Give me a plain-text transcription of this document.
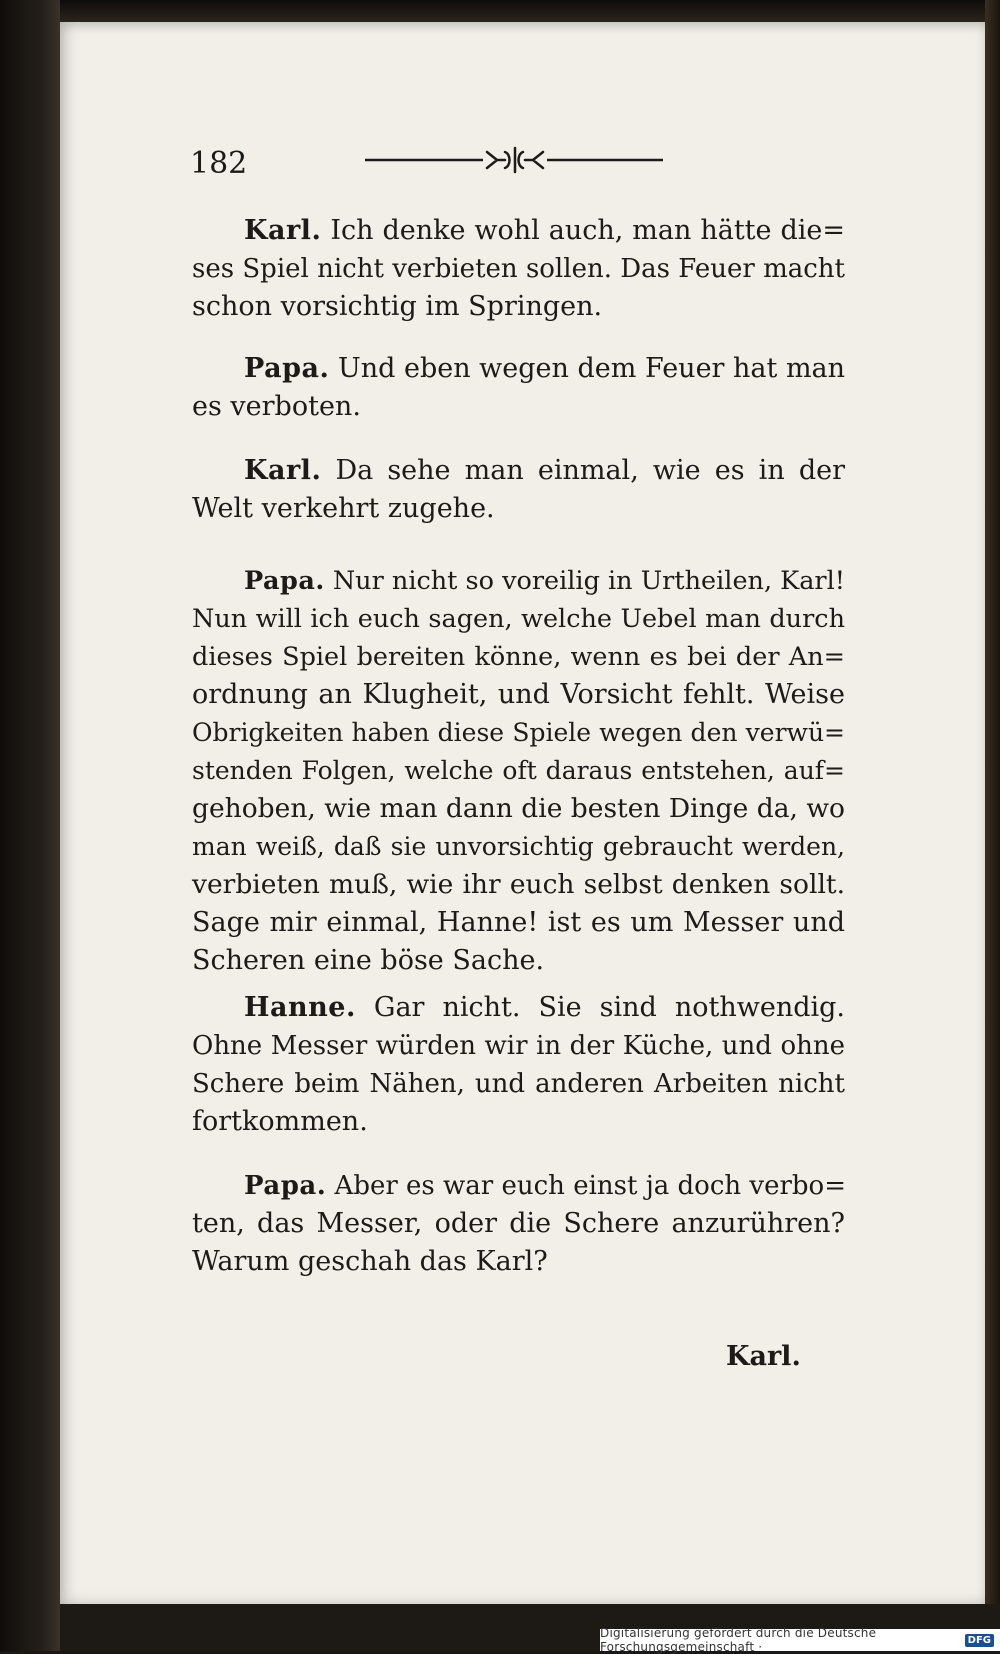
182
Karl. Ich denke wohl auch, man hätte die=
ses Spiel nicht verbieten sollen. Das Feuer macht
schon vorsichtig im Springen.
Papa. Und eben wegen dem Feuer hat man
es verboten.
Karl. Da sehe man einmal, wie es in der
Welt verkehrt zugehe.
Papa. Nur nicht so voreilig in Urtheilen, Karl!
Nun will ich euch sagen, welche Uebel man durch
dieses Spiel bereiten könne, wenn es bei der An=
ordnung an Klugheit, und Vorsicht fehlt. Weise
Obrigkeiten haben diese Spiele wegen den verwü=
stenden Folgen, welche oft daraus entstehen, auf=
gehoben, wie man dann die besten Dinge da, wo
man weiß, daß sie unvorsichtig gebraucht werden,
verbieten muß, wie ihr euch selbst denken sollt.
Sage mir einmal, Hanne! ist es um Messer und
Scheren eine böse Sache.
Hanne. Gar nicht. Sie sind nothwendig.
Ohne Messer würden wir in der Küche, und ohne
Schere beim Nähen, und anderen Arbeiten nicht
fortkommen.
Papa. Aber es war euch einst ja doch verbo=
ten, das Messer, oder die Schere anzurühren?
Warum geschah das Karl?
Karl.
Digitalisierung gefördert durch die Deutsche Forschungsgemeinschaft ·	DFG
